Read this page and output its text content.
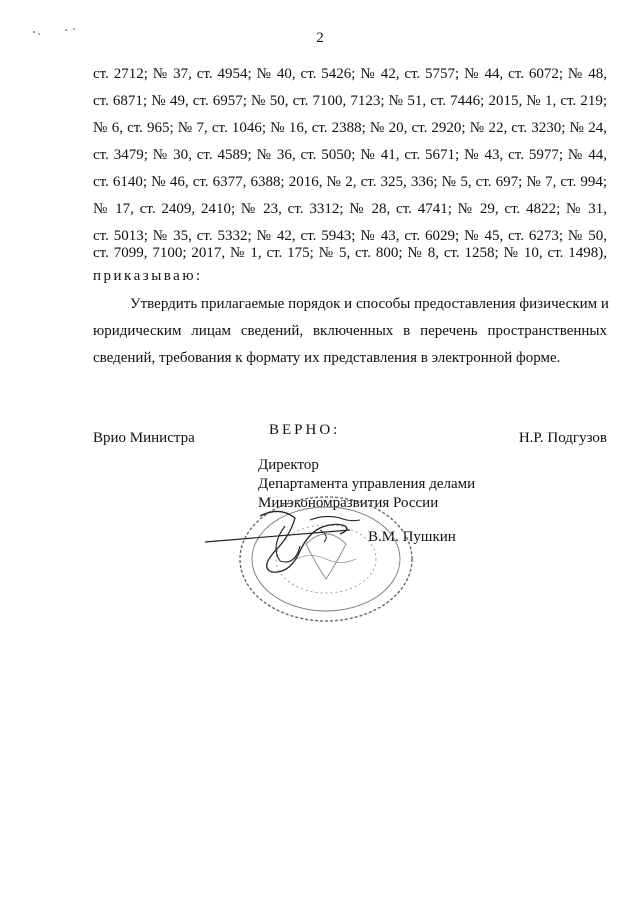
2
ст. 2712; № 37, ст. 4954; № 40, ст. 5426; № 42, ст. 5757; № 44, ст. 6072; № 48,
ст. 6871; № 49, ст. 6957; № 50, ст. 7100, 7123; № 51, ст. 7446; 2015, № 1, ст. 219;
№ 6, ст. 965; № 7, ст. 1046; № 16, ст. 2388; № 20, ст. 2920; № 22, ст. 3230; № 24,
ст. 3479; № 30, ст. 4589; № 36, ст. 5050; № 41, ст. 5671; № 43, ст. 5977; № 44,
ст. 6140; № 46, ст. 6377, 6388; 2016, № 2, ст. 325, 336; № 5, ст. 697; № 7, ст. 994;
№ 17, ст. 2409, 2410; № 23, ст. 3312; № 28, ст. 4741; № 29, ст. 4822; № 31,
ст. 5013; № 35, ст. 5332; № 42, ст. 5943; № 43, ст. 6029; № 45, ст. 6273; № 50,
ст. 7099, 7100; 2017, № 1, ст. 175; № 5, ст. 800; № 8, ст. 1258; № 10, ст. 1498),
приказываю:
Утвердить прилагаемые порядок и способы предоставления физическим и
юридическим лицам сведений, включенных в перечень пространственных
сведений, требования к формату их представления в электронной форме.
ВЕРНО:
Врио Министра	Н.Р. Подгузов
Директор
Департамента управления делами
Минэкономразвития России
В.М. Пушкин
